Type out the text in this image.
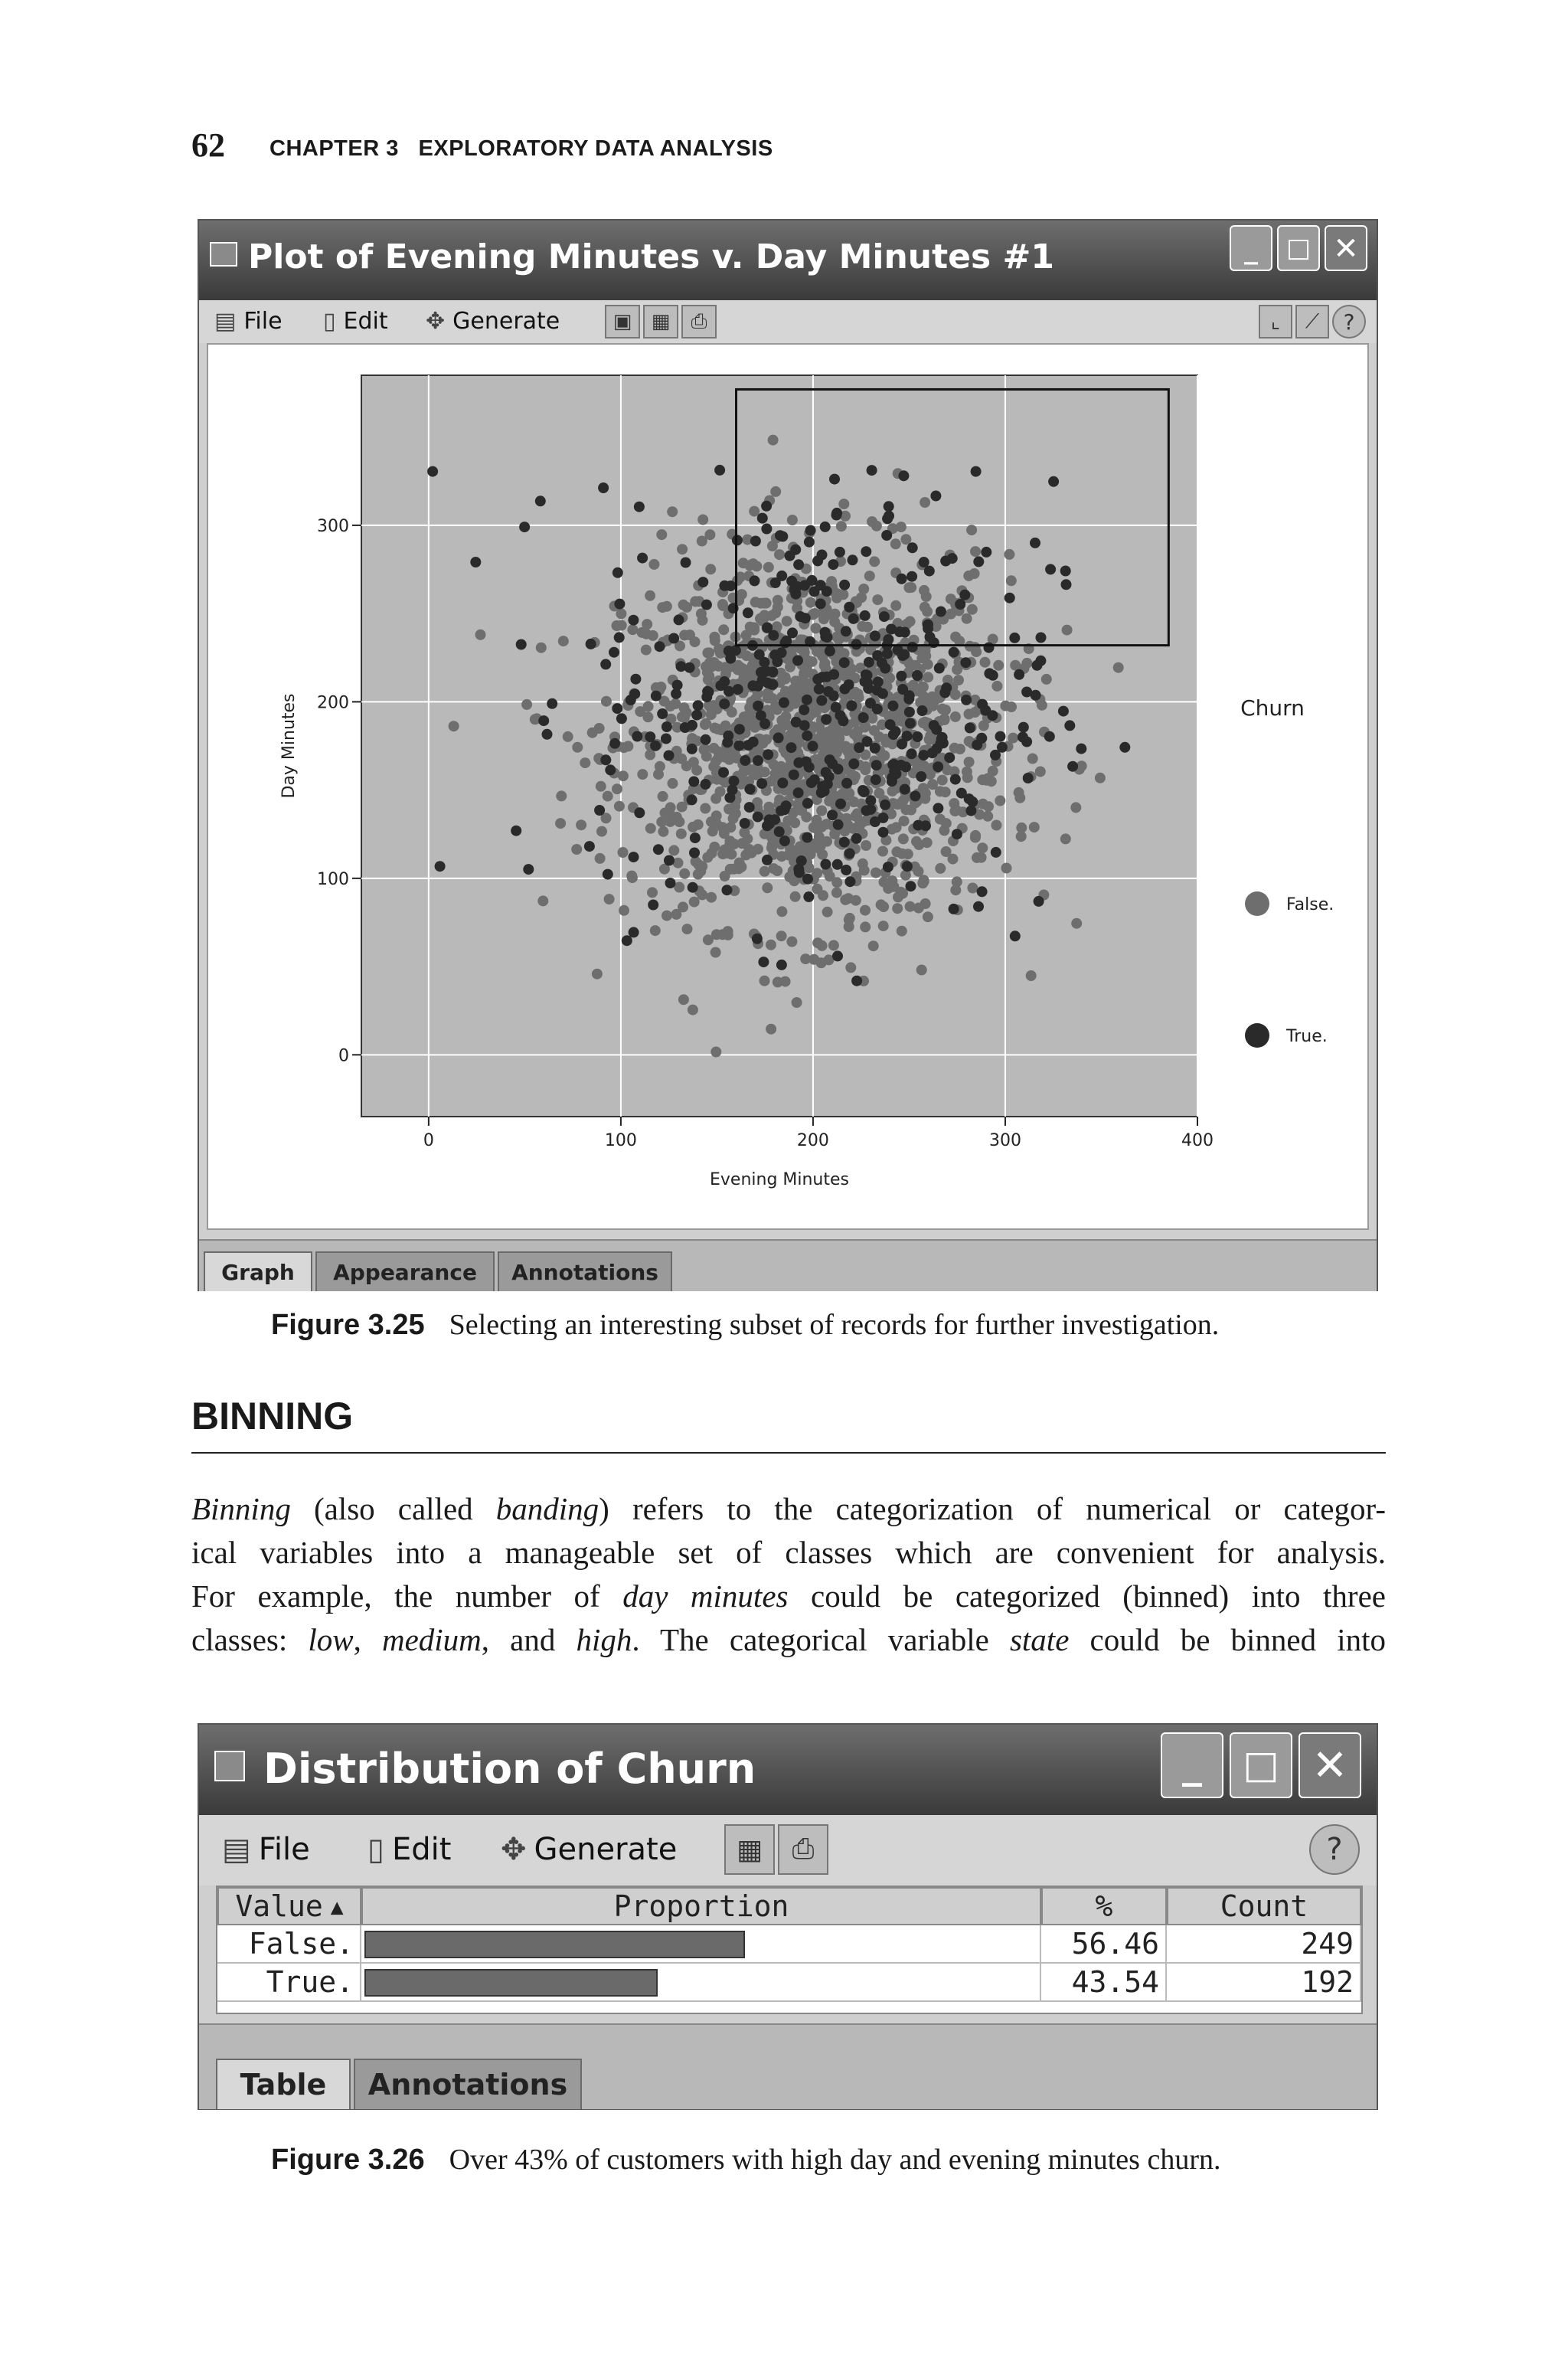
62 CHAPTER 3   EXPLORATORY DATA ANALYSIS
Plot of Evening Minutes v. Day Minutes #1	_	□ ✕
▤ File ▯ Edit ✥ Generate	▣ ▦	⎙	⌞	⟋	?
0	100	200	300	400
0
100
200
300
Evening Minutes
Day Minutes	Churn
False.
True.
Graph	Appearance	Annotations
Figure 3.25 Selecting an interesting subset of records for further investigation.
BINNING
Binning (also called banding) refers to the categorization of numerical or categor-
ical variables into a manageable set of classes which are convenient for analysis.
For example, the number of day minutes could be categorized (binned) into three
classes: low, medium, and high. The categorical variable state could be binned into
Distribution of Churn	_	□ ✕
▤ File ▯ Edit ✥ Generate	▦	⎙	?
Value ▲	Proportion	%	Count
False.	56.46	249
True.	43.54	192
Table	Annotations
Figure 3.26 Over 43% of customers with high day and evening minutes churn.
